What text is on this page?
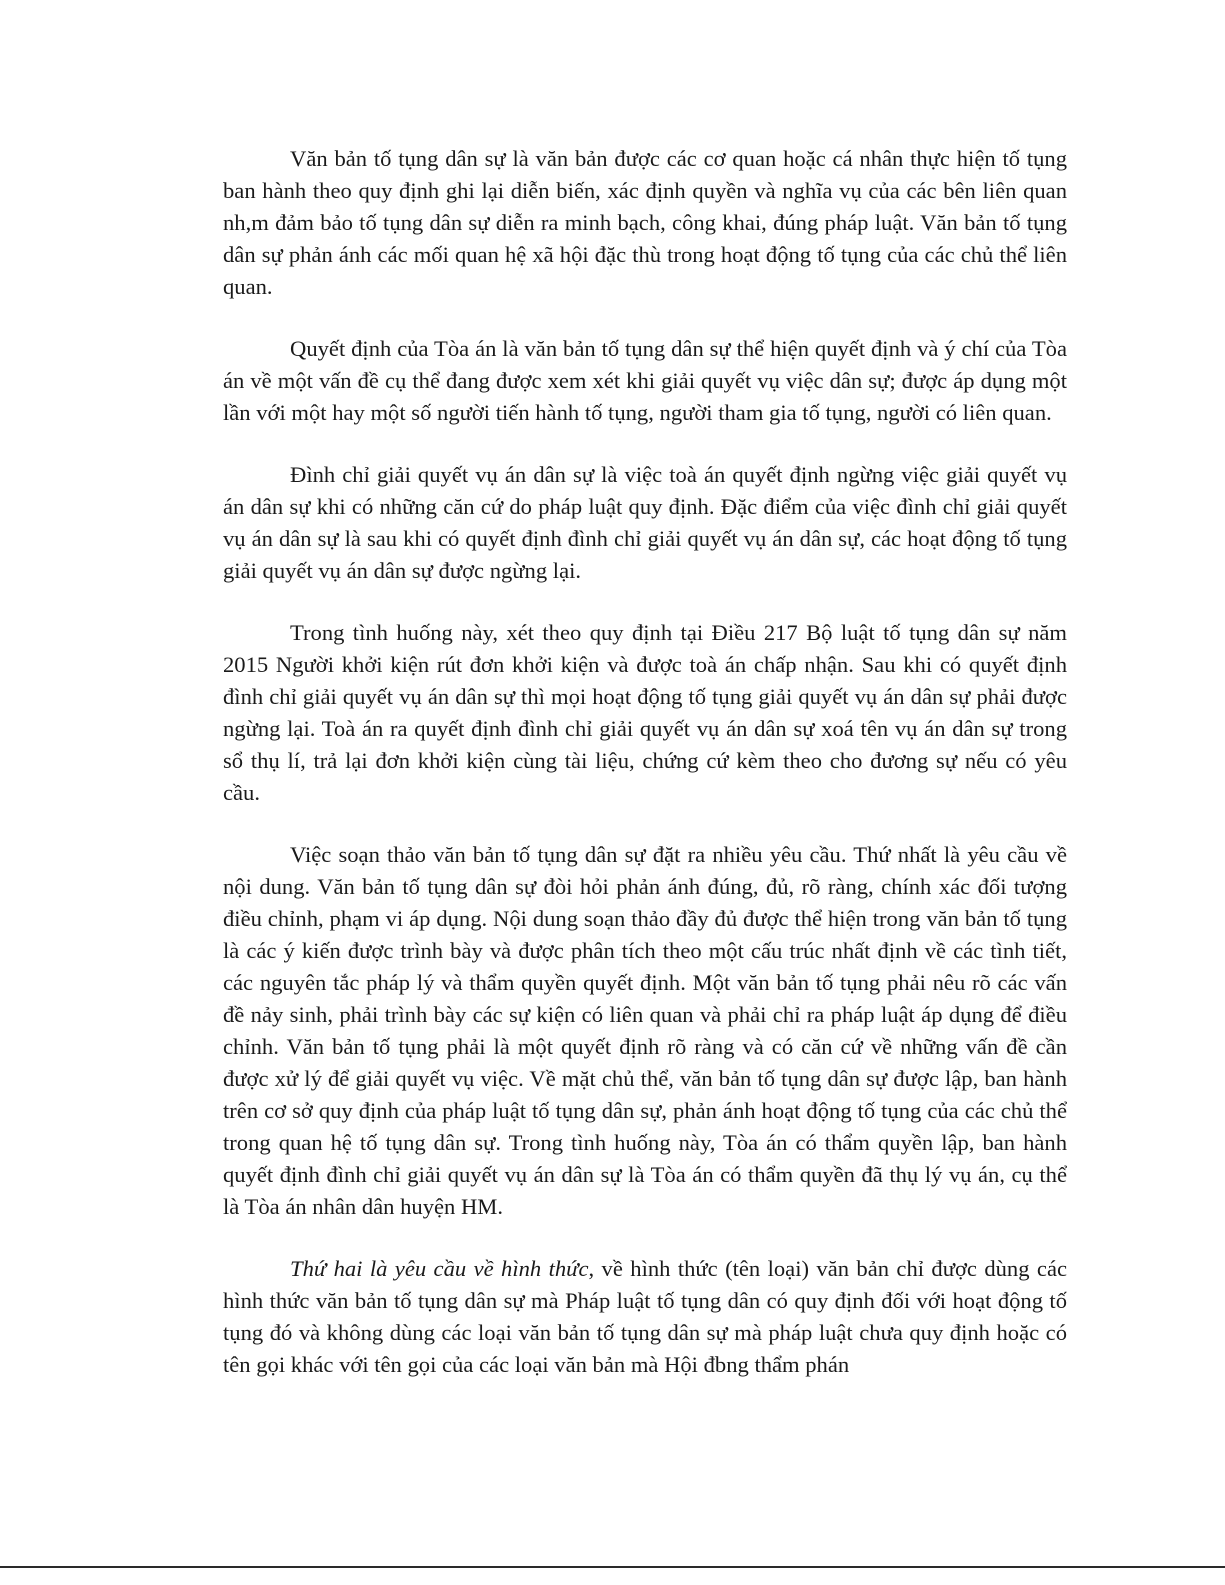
Văn bản tố tụng dân sự là văn bản được các cơ quan hoặc cá nhân thực hiện tố tụng ban hành theo quy định ghi lại diễn biến, xác định quyền và nghĩa vụ của các bên liên quan nh,m đảm bảo tố tụng dân sự diễn ra minh bạch, công khai, đúng pháp luật. Văn bản tố tụng dân sự phản ánh các mối quan hệ xã hội đặc thù trong hoạt động tố tụng của các chủ thể liên quan.

Quyết định của Tòa án là văn bản tố tụng dân sự thể hiện quyết định và ý chí của Tòa án về một vấn đề cụ thể đang được xem xét khi giải quyết vụ việc dân sự; được áp dụng một lần với một hay một số người tiến hành tố tụng, người tham gia tố tụng, người có liên quan.

Đình chỉ giải quyết vụ án dân sự là việc toà án quyết định ngừng việc giải quyết vụ án dân sự khi có những căn cứ do pháp luật quy định. Đặc điểm của việc đình chỉ giải quyết vụ án dân sự là sau khi có quyết định đình chỉ giải quyết vụ án dân sự, các hoạt động tố tụng giải quyết vụ án dân sự được ngừng lại.

Trong tình huống này, xét theo quy định tại Điều 217 Bộ luật tố tụng dân sự năm 2015 Người khởi kiện rút đơn khởi kiện và được toà án chấp nhận. Sau khi có quyết định đình chỉ giải quyết vụ án dân sự thì mọi hoạt động tố tụng giải quyết vụ án dân sự phải được ngừng lại. Toà án ra quyết định đình chỉ giải quyết vụ án dân sự xoá tên vụ án dân sự trong sổ thụ lí, trả lại đơn khởi kiện cùng tài liệu, chứng cứ kèm theo cho đương sự nếu có yêu cầu.

Việc soạn thảo văn bản tố tụng dân sự đặt ra nhiều yêu cầu. Thứ nhất là yêu cầu về nội dung. Văn bản tố tụng dân sự đòi hỏi phản ánh đúng, đủ, rõ ràng, chính xác đối tượng điều chỉnh, phạm vi áp dụng. Nội dung soạn thảo đầy đủ được thể hiện trong văn bản tố tụng là các ý kiến được trình bày và được phân tích theo một cấu trúc nhất định về các tình tiết, các nguyên tắc pháp lý và thẩm quyền quyết định. Một văn bản tố tụng phải nêu rõ các vấn đề nảy sinh, phải trình bày các sự kiện có liên quan và phải chỉ ra pháp luật áp dụng để điều chỉnh. Văn bản tố tụng phải là một quyết định rõ ràng và có căn cứ về những vấn đề cần được xử lý để giải quyết vụ việc. Về mặt chủ thể, văn bản tố tụng dân sự được lập, ban hành trên cơ sở quy định của pháp luật tố tụng dân sự, phản ánh hoạt động tố tụng của các chủ thể trong quan hệ tố tụng dân sự. Trong tình huống này, Tòa án có thẩm quyền lập, ban hành quyết định đình chỉ giải quyết vụ án dân sự là Tòa án có thẩm quyền đã thụ lý vụ án, cụ thể là Tòa án nhân dân huyện HM.

Thứ hai là yêu cầu về hình thức, về hình thức (tên loại) văn bản chỉ được dùng các hình thức văn bản tố tụng dân sự mà Pháp luật tố tụng dân có quy định đối với hoạt động tố tụng đó và không dùng các loại văn bản tố tụng dân sự mà pháp luật chưa quy định hoặc có tên gọi khác với tên gọi của các loại văn bản mà Hội đbng thẩm phán
